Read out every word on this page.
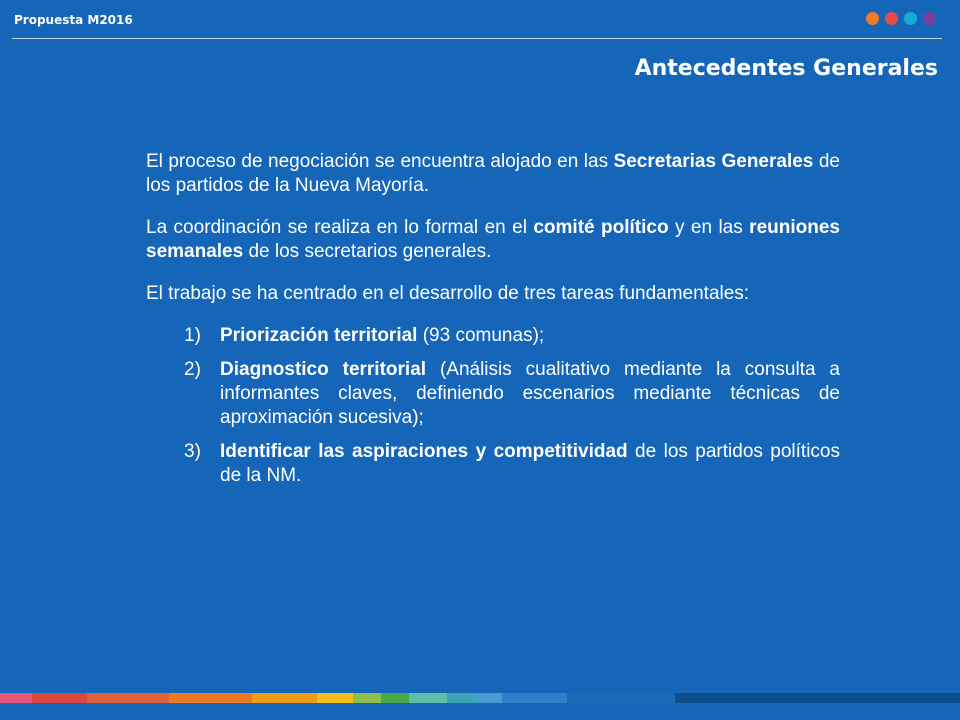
Propuesta M2016
Antecedentes Generales

El proceso de negociación se encuentra alojado en las Secretarias Generales de los partidos de la Nueva Mayoría.

La coordinación se realiza en lo formal en el comité político y en las reuniones semanales de los secretarios generales.

El trabajo se ha centrado en el desarrollo de tres tareas fundamentales:

1)	Priorización territorial (93 comunas);
2)	Diagnostico territorial (Análisis cualitativo mediante la consulta a informantes claves, definiendo escenarios mediante técnicas de aproximación sucesiva);
3)	Identificar las aspiraciones y competitividad de los partidos políticos de la NM.
